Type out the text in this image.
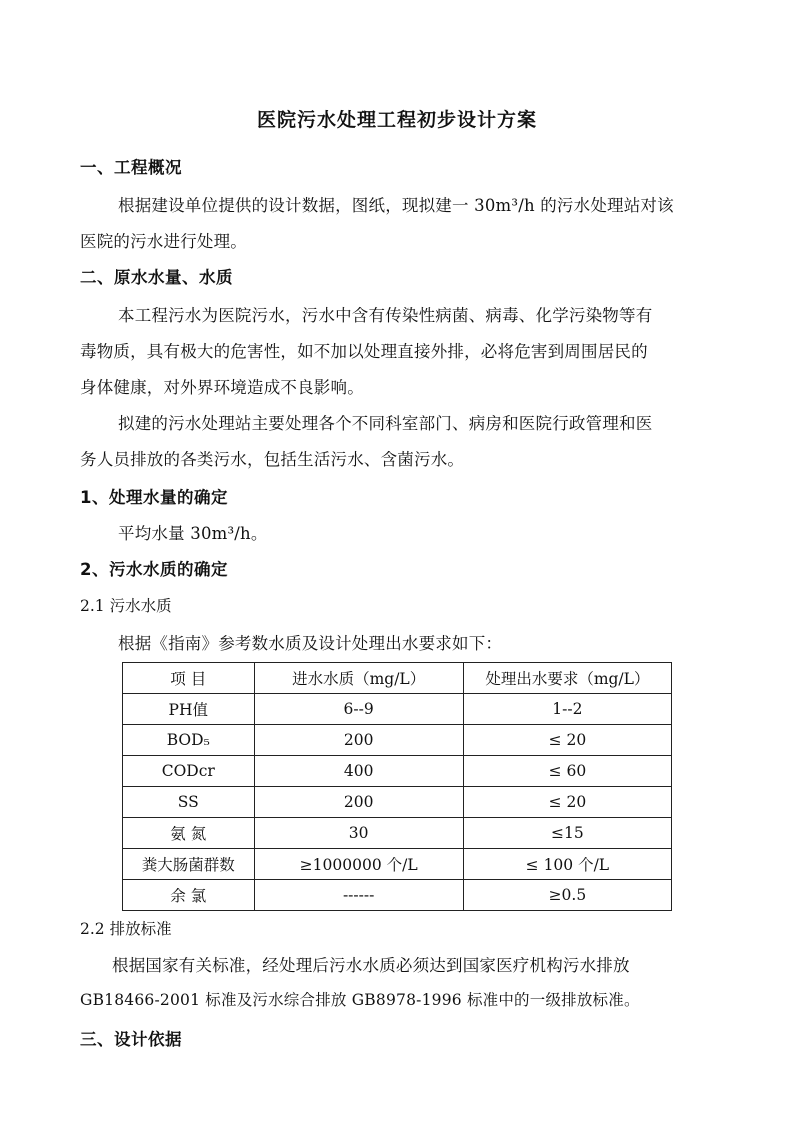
医院污水处理工程初步设计方案
一、工程概况
根据建设单位提供的设计数据，图纸，现拟建一 30m³/h 的污水处理站对该
医院的污水进行处理。
二、原水水量、水质
本工程污水为医院污水，污水中含有传染性病菌、病毒、化学污染物等有
毒物质，具有极大的危害性，如不加以处理直接外排，必将危害到周围居民的
身体健康，对外界环境造成不良影响。
拟建的污水处理站主要处理各个不同科室部门、病房和医院行政管理和医
务人员排放的各类污水，包括生活污水、含菌污水。
1、处理水量的确定
平均水量 30m³/h。
2、污水水质的确定
2.1 污水水质
根据《指南》参考数水质及设计处理出水要求如下：
项 目	进水水质（mg/L）	处理出水要求（mg/L）
PH值	6--9	1--2
BOD₅	200	≤ 20
CODcr	400	≤ 60
SS	200	≤ 20
氨 氮	30	≤15
粪大肠菌群数	≥1000000 个/L	≤ 100 个/L
余 氯	------	≥0.5
2.2 排放标准
根据国家有关标准，经处理后污水水质必须达到国家医疗机构污水排放
GB18466-2001 标准及污水综合排放 GB8978-1996 标准中的一级排放标准。
三、设计依据
